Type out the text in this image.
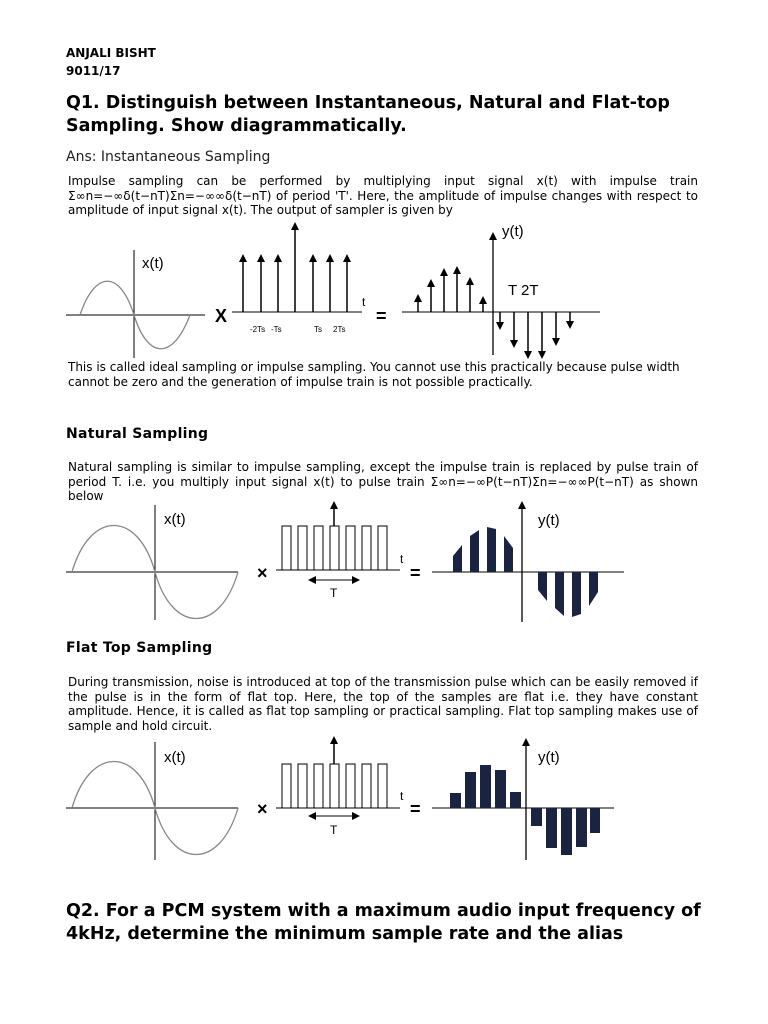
ANJALI BISHT
9011/17
Q1. Distinguish between Instantaneous, Natural and Flat-top Sampling. Show diagrammatically.
Ans: Instantaneous Sampling
Impulse sampling can be performed by multiplying input signal x(t) with impulse train Σ∞n=−∞δ(t−nT)Σn=−∞∞δ(t−nT) of period 'T'. Here, the amplitude of impulse changes with respect to amplitude of input signal x(t). The output of sampler is given by
x(t)
X
t
-2Ts -Ts	Ts 2Ts
=
y(t)
T 2T
This is called ideal sampling or impulse sampling. You cannot use this practically because pulse width cannot be zero and the generation of impulse train is not possible practically.
Natural Sampling
Natural sampling is similar to impulse sampling, except the impulse train is replaced by pulse train of period T. i.e. you multiply input signal x(t) to pulse train Σ∞n=−∞P(t−nT)Σn=−∞∞P(t−nT) as shown below
x(t)
×
t
T
=
y(t)
Flat Top Sampling
During transmission, noise is introduced at top of the transmission pulse which can be easily removed if the pulse is in the form of flat top. Here, the top of the samples are flat i.e. they have constant amplitude. Hence, it is called as flat top sampling or practical sampling. Flat top sampling makes use of sample and hold circuit.
x(t)
×
t
T
=
y(t)
Q2. For a PCM system with a maximum audio input frequency of 4kHz, determine the minimum sample rate and the alias
